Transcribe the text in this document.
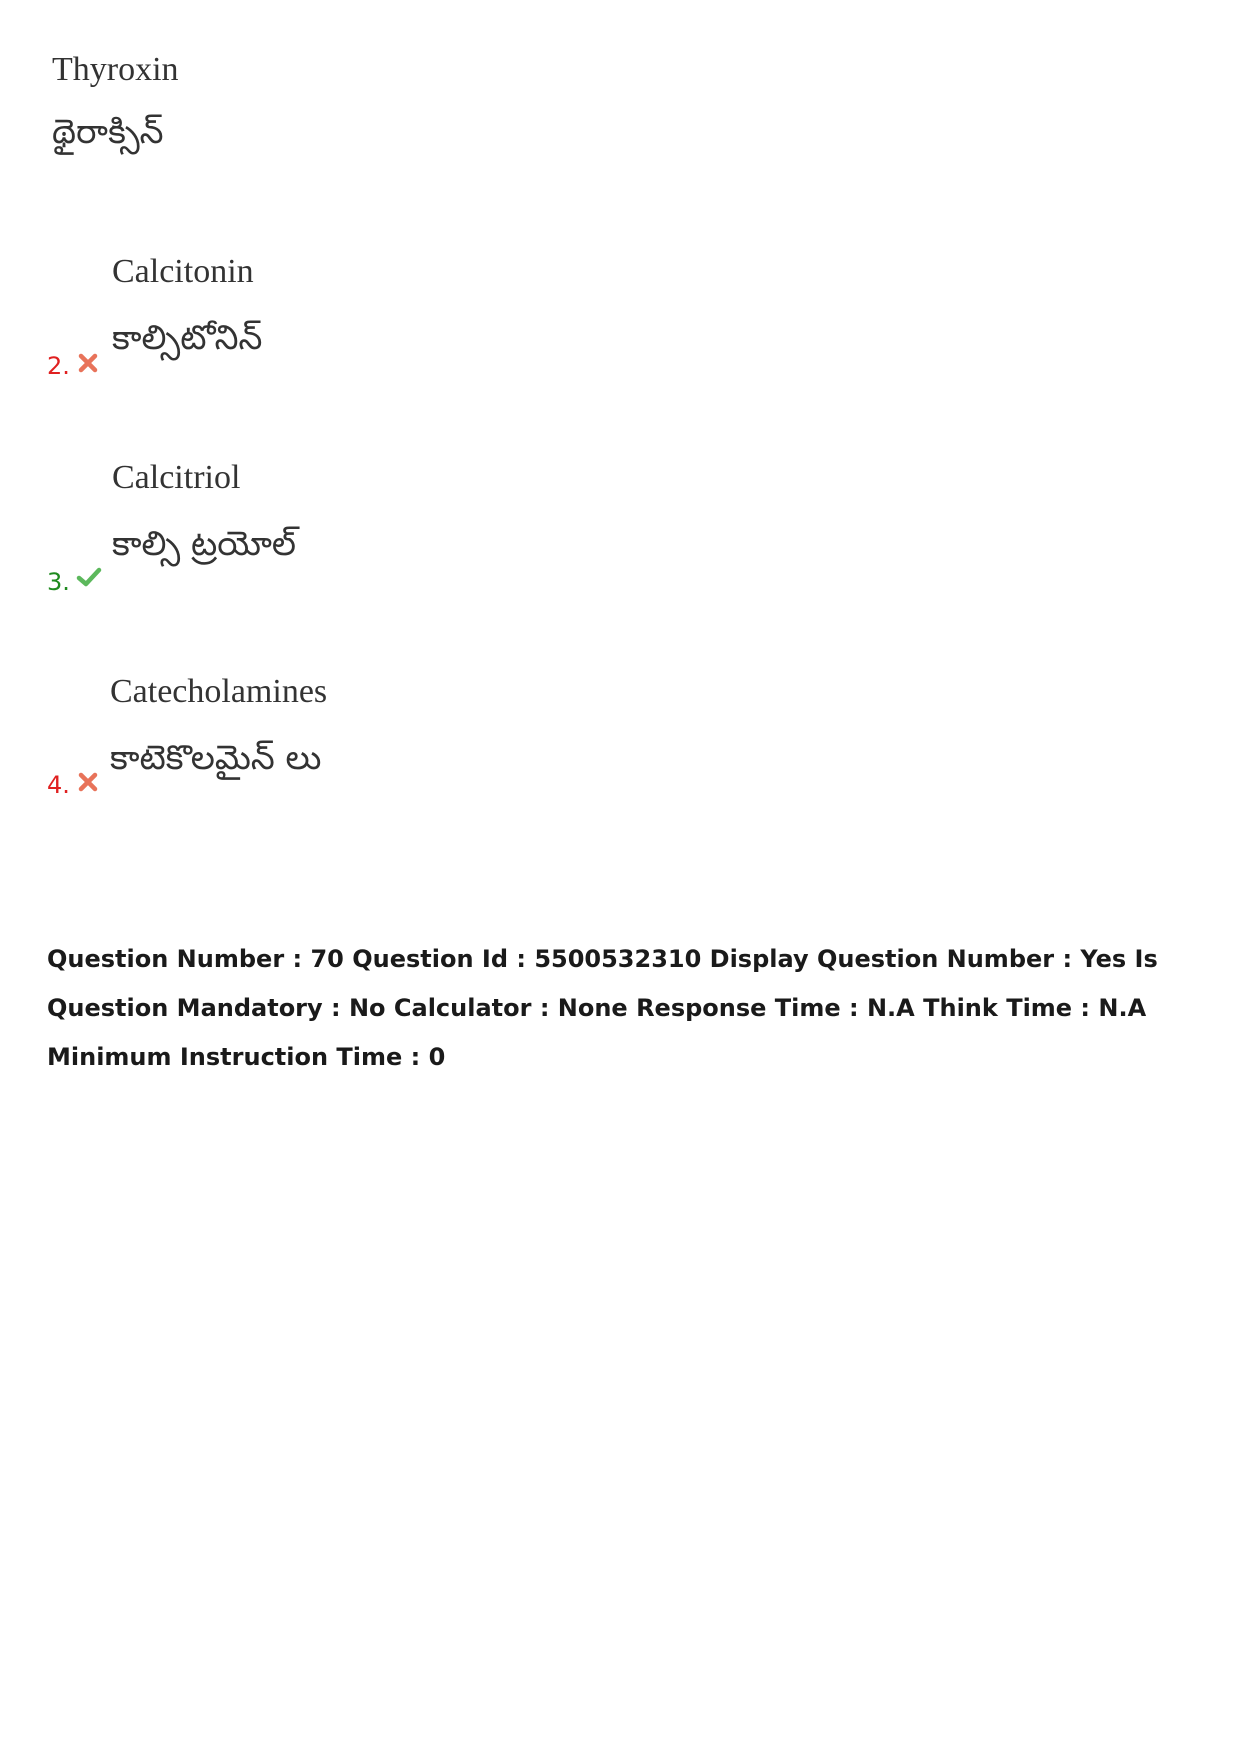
Thyroxin
థైరాక్సిన్
Calcitonin
కాల్సిటోనిన్
2.
Calcitriol
కాల్సి ట్రయోల్
3.
Catecholamines
కాటెకొలమైన్ లు
4.
Question Number : 70 Question Id : 5500532310 Display Question Number : Yes Is Question Mandatory : No Calculator : None Response Time : N.A Think Time : N.A Minimum Instruction Time : 0
